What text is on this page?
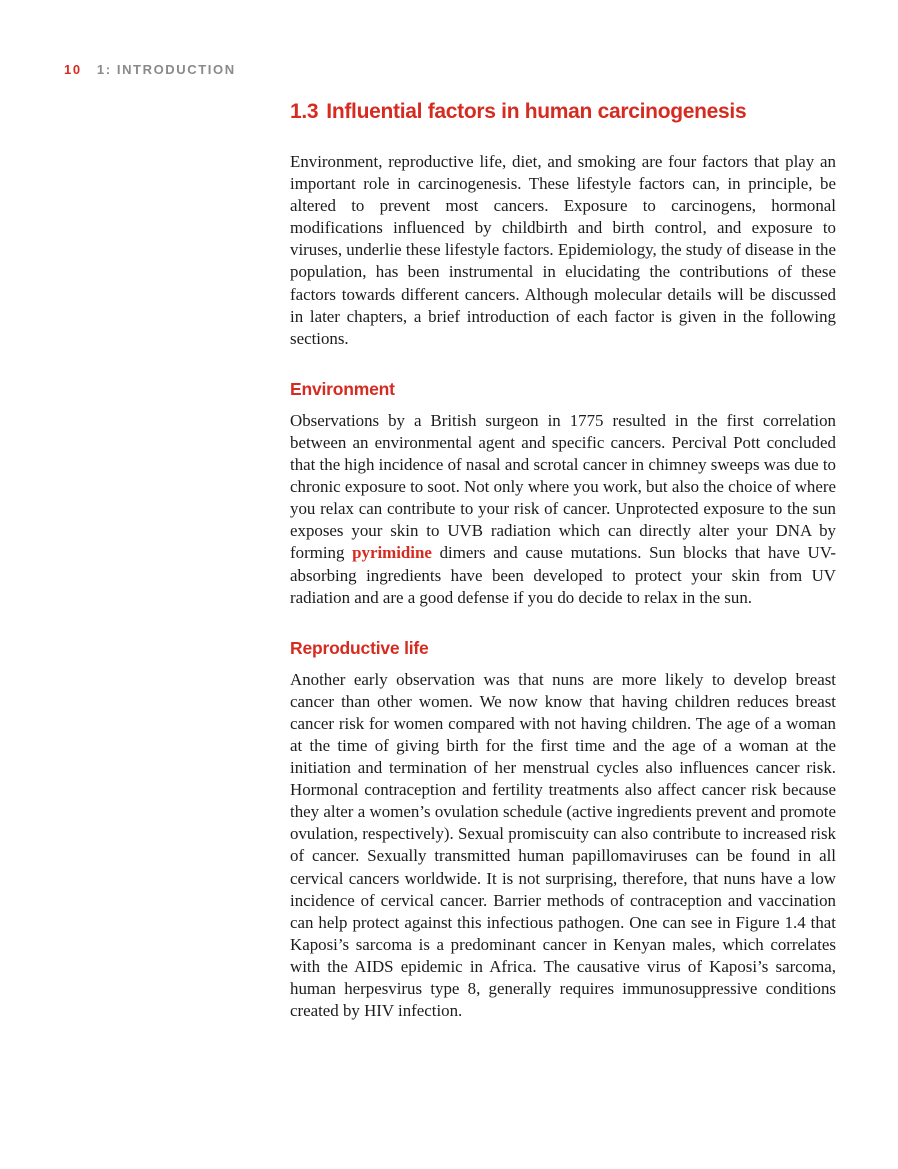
10 1: INTRODUCTION
1.3 Influential factors in human carcinogenesis

Environment, reproductive life, diet, and smoking are four factors that play an important role in carcinogenesis. These lifestyle factors can, in principle, be altered to prevent most cancers. Exposure to carcinogens, hormonal modifications influenced by childbirth and birth control, and exposure to viruses, underlie these lifestyle factors. Epidemiology, the study of disease in the population, has been instrumental in elucidating the contributions of these factors towards different cancers. Although molecular details will be discussed in later chapters, a brief introduction of each factor is given in the following sections.

Environment

Observations by a British surgeon in 1775 resulted in the first correlation between an environmental agent and specific cancers. Percival Pott concluded that the high incidence of nasal and scrotal cancer in chimney sweeps was due to chronic exposure to soot. Not only where you work, but also the choice of where you relax can contribute to your risk of cancer. Unprotected exposure to the sun exposes your skin to UVB radiation which can directly alter your DNA by forming pyrimidine dimers and cause mutations. Sun blocks that have UV-absorbing ingredients have been developed to protect your skin from UV radiation and are a good defense if you do decide to relax in the sun.

Reproductive life

Another early observation was that nuns are more likely to develop breast cancer than other women. We now know that having children reduces breast cancer risk for women compared with not having children. The age of a woman at the time of giving birth for the first time and the age of a woman at the initiation and termination of her menstrual cycles also influences cancer risk. Hormonal contraception and fertility treatments also affect cancer risk because they alter a women’s ovulation schedule (active ingredients prevent and promote ovulation, respectively). Sexual promiscuity can also contribute to increased risk of cancer. Sexually transmitted human papillomaviruses can be found in all cervical cancers worldwide. It is not surprising, therefore, that nuns have a low incidence of cervical cancer. Barrier methods of contraception and vaccination can help protect against this infectious pathogen. One can see in Figure 1.4 that Kaposi’s sarcoma is a predominant cancer in Kenyan males, which correlates with the AIDS epidemic in Africa. The causative virus of Kaposi’s sarcoma, human herpesvirus type 8, generally requires immunosuppressive conditions created by HIV infection.
